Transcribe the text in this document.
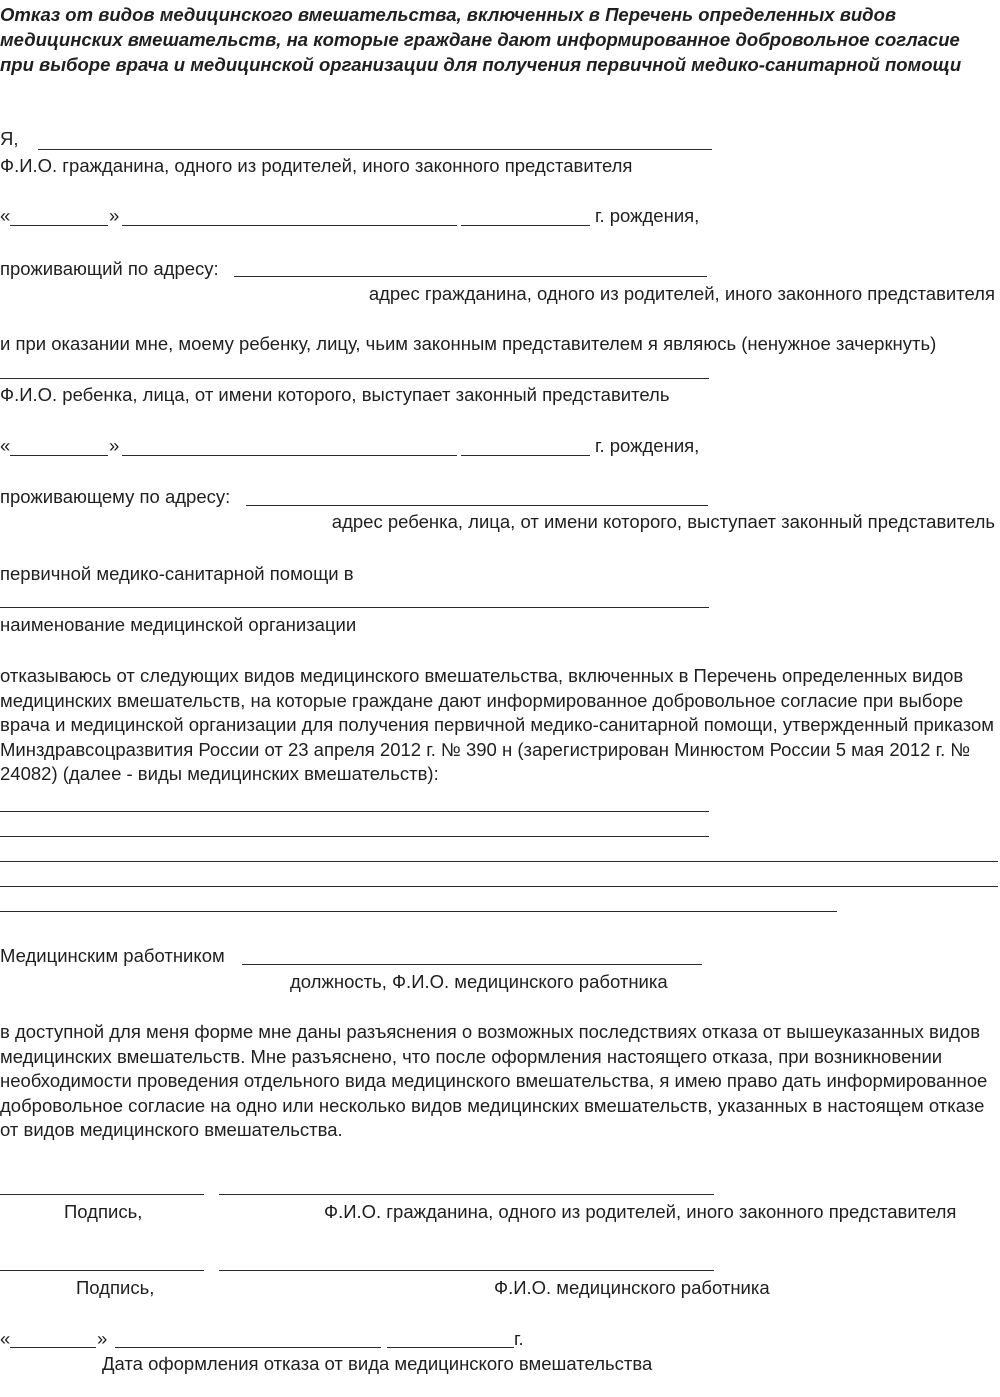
Отказ от видов медицинского вмешательства, включенных в Перечень определенных видов медицинских вмешательств, на которые граждане дают информированное добровольное согласие при выборе врача и медицинской организации для получения первичной медико-санитарной помощи
Я,
Ф.И.О. гражданина, одного из родителей, иного законного представителя
«	»	г. рождения,
проживающий по адресу:
адрес гражданина, одного из родителей, иного законного представителя
и при оказании мне, моему ребенку, лицу, чьим законным представителем я являюсь (ненужное зачеркнуть)
Ф.И.О. ребенка, лица, от имени которого, выступает законный представитель
«	»	г. рождения,
проживающему по адресу:
адрес ребенка, лица, от имени которого, выступает законный представитель
первичной медико-санитарной помощи в
наименование медицинской организации
отказываюсь от следующих видов медицинского вмешательства, включенных в Перечень определенных видов медицинских вмешательств, на которые граждане дают информированное добровольное согласие при выборе врача и медицинской организации для получения первичной медико-санитарной помощи, утвержденный приказом Минздравсоцразвития России от 23 апреля 2012 г. № 390 н (зарегистрирован Минюстом России 5 мая 2012 г. № 24082) (далее - виды медицинских вмешательств):
Медицинским работником
должность, Ф.И.О. медицинского работника
в доступной для меня форме мне даны разъяснения о возможных последствиях отказа от вышеуказанных видов медицинских вмешательств. Мне разъяснено, что после оформления настоящего отказа, при возникновении необходимости проведения отдельного вида медицинского вмешательства, я имею право дать информированное добровольное согласие на одно или несколько видов медицинских вмешательств, указанных в настоящем отказе от видов медицинского вмешательства.
Подпись,	Ф.И.О. гражданина, одного из родителей, иного законного представителя
Подпись,	Ф.И.О. медицинского работника
«	»	г.
Дата оформления отказа от вида медицинского вмешательства
